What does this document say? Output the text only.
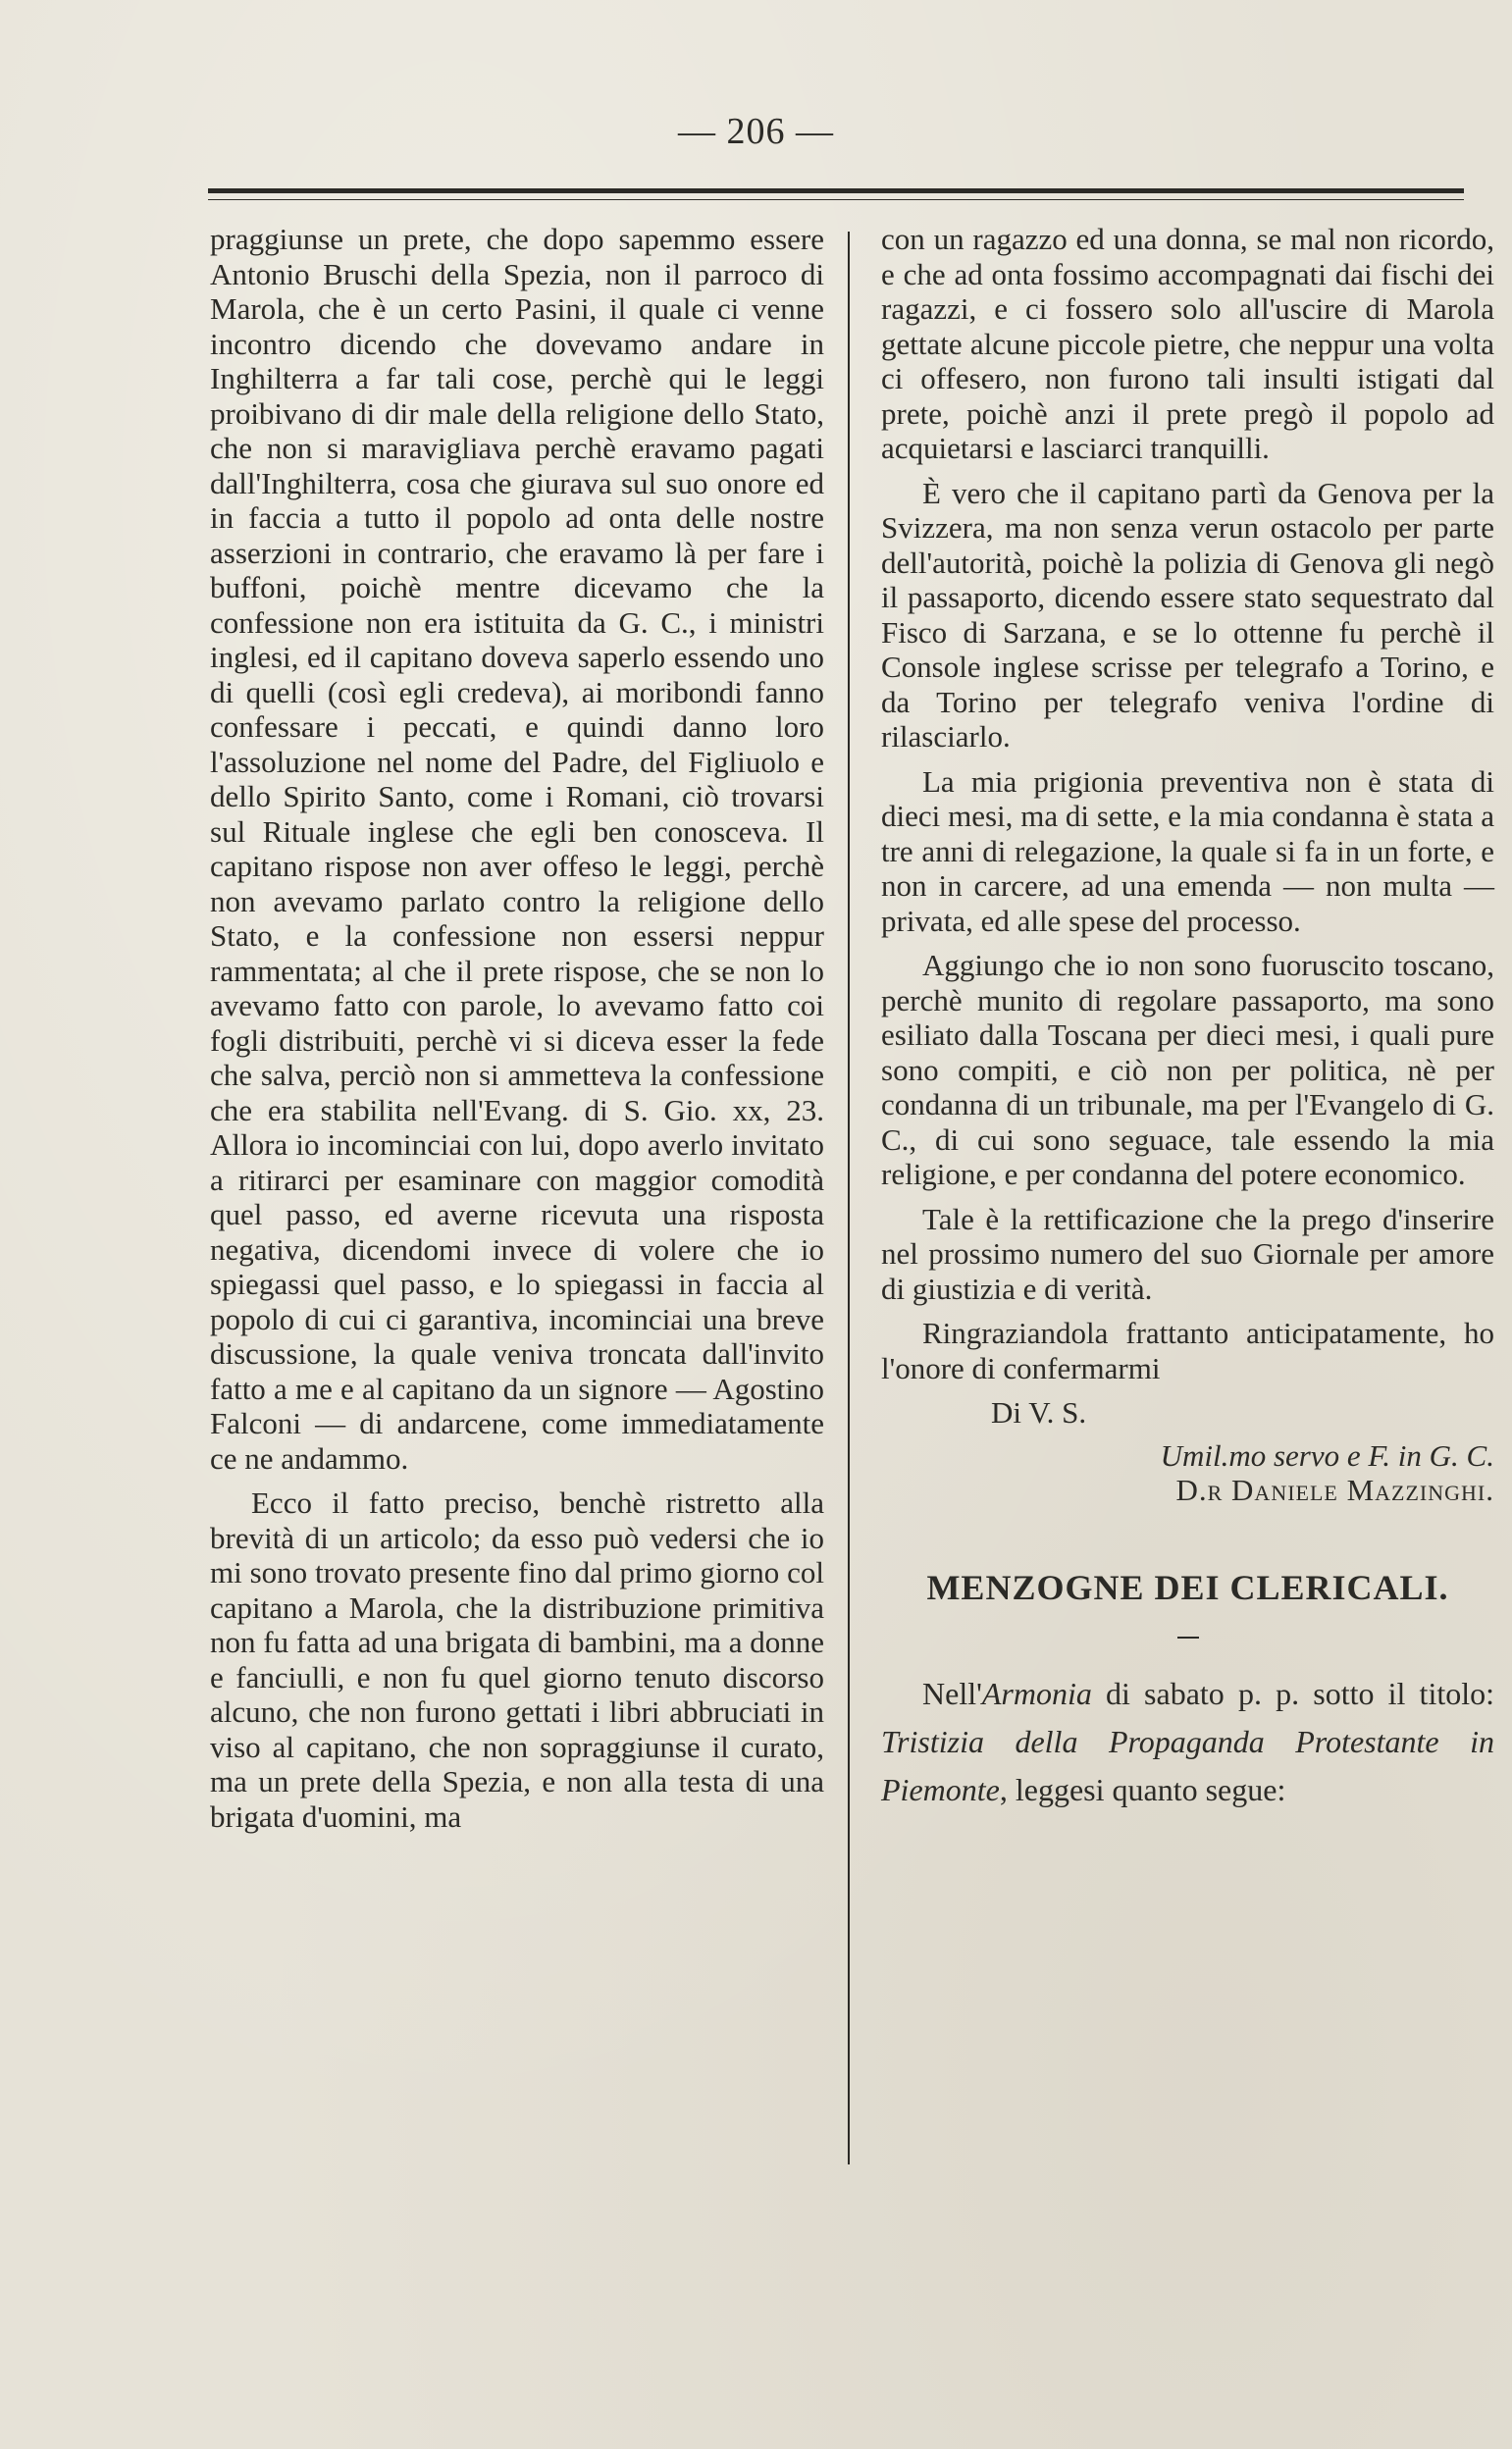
— 206 —

praggiunse un prete, che dopo sapemmo essere Antonio Bruschi della Spezia, non il parroco di Marola, che è un certo Pasini, il quale ci venne incontro dicendo che dovevamo andare in Inghilterra a far tali cose, perchè qui le leggi proibivano di dir male della religione dello Stato, che non si maravigliava perchè eravamo pagati dall'Inghilterra, cosa che giurava sul suo onore ed in faccia a tutto il popolo ad onta delle nostre asserzioni in contrario, che eravamo là per fare i buffoni, poichè mentre dicevamo che la confessione non era istituita da G. C., i ministri inglesi, ed il capitano doveva saperlo essendo uno di quelli (così egli credeva), ai moribondi fanno confessare i peccati, e quindi danno loro l'assoluzione nel nome del Padre, del Figliuolo e dello Spirito Santo, come i Romani, ciò trovarsi sul Rituale inglese che egli ben conosceva. Il capitano rispose non aver offeso le leggi, perchè non avevamo parlato contro la religione dello Stato, e la confessione non essersi neppur rammentata; al che il prete rispose, che se non lo avevamo fatto con parole, lo avevamo fatto coi fogli distribuiti, perchè vi si diceva esser la fede che salva, perciò non si ammetteva la confessione che era stabilita nell'Evang. di S. Gio. xx, 23. Allora io incominciai con lui, dopo averlo invitato a ritirarci per esaminare con maggior comodità quel passo, ed averne ricevuta una risposta negativa, dicendomi invece di volere che io spiegassi quel passo, e lo spiegassi in faccia al popolo di cui ci garantiva, incominciai una breve discussione, la quale veniva troncata dall'invito fatto a me e al capitano da un signore — Agostino Falconi — di andarcene, come immediatamente ce ne andammo.

Ecco il fatto preciso, benchè ristretto alla brevità di un articolo; da esso può vedersi che io mi sono trovato presente fino dal primo giorno col capitano a Marola, che la distribuzione primitiva non fu fatta ad una brigata di bambini, ma a donne e fanciulli, e non fu quel giorno tenuto discorso alcuno, che non furono gettati i libri abbruciati in viso al capitano, che non sopraggiunse il curato, ma un prete della Spezia, e non alla testa di una brigata d'uomini, ma

con un ragazzo ed una donna, se mal non ricordo, e che ad onta fossimo accompagnati dai fischi dei ragazzi, e ci fossero solo all'uscire di Marola gettate alcune piccole pietre, che neppur una volta ci offesero, non furono tali insulti istigati dal prete, poichè anzi il prete pregò il popolo ad acquietarsi e lasciarci tranquilli.

È vero che il capitano partì da Genova per la Svizzera, ma non senza verun ostacolo per parte dell'autorità, poichè la polizia di Genova gli negò il passaporto, dicendo essere stato sequestrato dal Fisco di Sarzana, e se lo ottenne fu perchè il Console inglese scrisse per telegrafo a Torino, e da Torino per telegrafo veniva l'ordine di rilasciarlo.

La mia prigionia preventiva non è stata di dieci mesi, ma di sette, e la mia condanna è stata a tre anni di relegazione, la quale si fa in un forte, e non in carcere, ad una emenda — non multa — privata, ed alle spese del processo.

Aggiungo che io non sono fuoruscito toscano, perchè munito di regolare passaporto, ma sono esiliato dalla Toscana per dieci mesi, i quali pure sono compiti, e ciò non per politica, nè per condanna di un tribunale, ma per l'Evangelo di G. C., di cui sono seguace, tale essendo la mia religione, e per condanna del potere economico.

Tale è la rettificazione che la prego d'inserire nel prossimo numero del suo Giornale per amore di giustizia e di verità.

Ringraziandola frattanto anticipatamente, ho l'onore di confermarmi

Di V. S.

Umil.mo servo e F. in G. C.

D.r Daniele Mazzinghi.

MENZOGNE DEI CLERICALI.

Nell'Armonia di sabato p. p. sotto il titolo: Tristizia della Propaganda Protestante in Piemonte, leggesi quanto segue:
